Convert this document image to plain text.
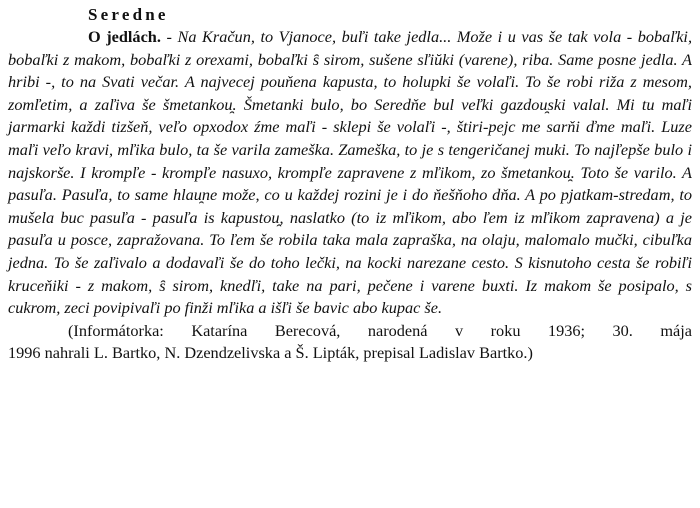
Seredne

O jedlách. - Na Kračun, to Vjanoce, buľi take jedla... Može i u vas še tak vola - bobaľki, bobaľki z makom, bobaľki z orexami, bobaľki s̑ sirom, sušene sľiŭki (varene), riba. Same posne jedla. A hribi -, to na Svati večar. A najvecej pouňena kapusta, to holupki še volaľi. To še robi riža z mesom, zomľetim, a zaľiva še šmetankou̯. Šmetanki bulo, bo Seredňe bul veľki gazdou̯ski valal. Mi tu maľi jarmarki každi tizšeň, veľo opxodox źme maľi - sklepi še volaľi -, štiri-pejc me sarňi ďme maľi. Luze maľi veľo kravi, mľika bulo, ta še varila zameška. Zameška, to je s tengeričanej muki. To najľepše bulo i najskorše. I krompľe - krompľe nasuxo, krompľe zapravene z mľikom, zo šmetankou̯. Toto še varilo. A pasuľa. Pasuľa, to same hlau̯ne može, co u každej rozini je i do ňešňoho dňa. A po pjatkam-stredam, to mušela buc pasuľa - pasuľa is kapustou̯, naslatko (to iz mľikom, abo ľem iz mľikom zapravena) a je pasuľa u posce, zapražovana. To ľem še robila taka mala zapraška, na olaju, malomalo mučki, cibuľka jedna. To še zaľivalo a dodavaľi še do toho lečki, na kocki narezane cesto. S kisnutoho cesta še robiľi kruceňiki - z makom, s̑ sirom, knedľi, take na pari, pečene i varene buxti. Iz makom še posipalo, s cukrom, zeci povipivaľi po finži mľika a išľi še bavic abo kupac še.

(Informátorka: Katarína Berecová, narodená v roku 1936; 30. mája

1996 nahrali L. Bartko, N. Dzendzelivska a Š. Lipták, prepisal Ladislav Bartko.)
